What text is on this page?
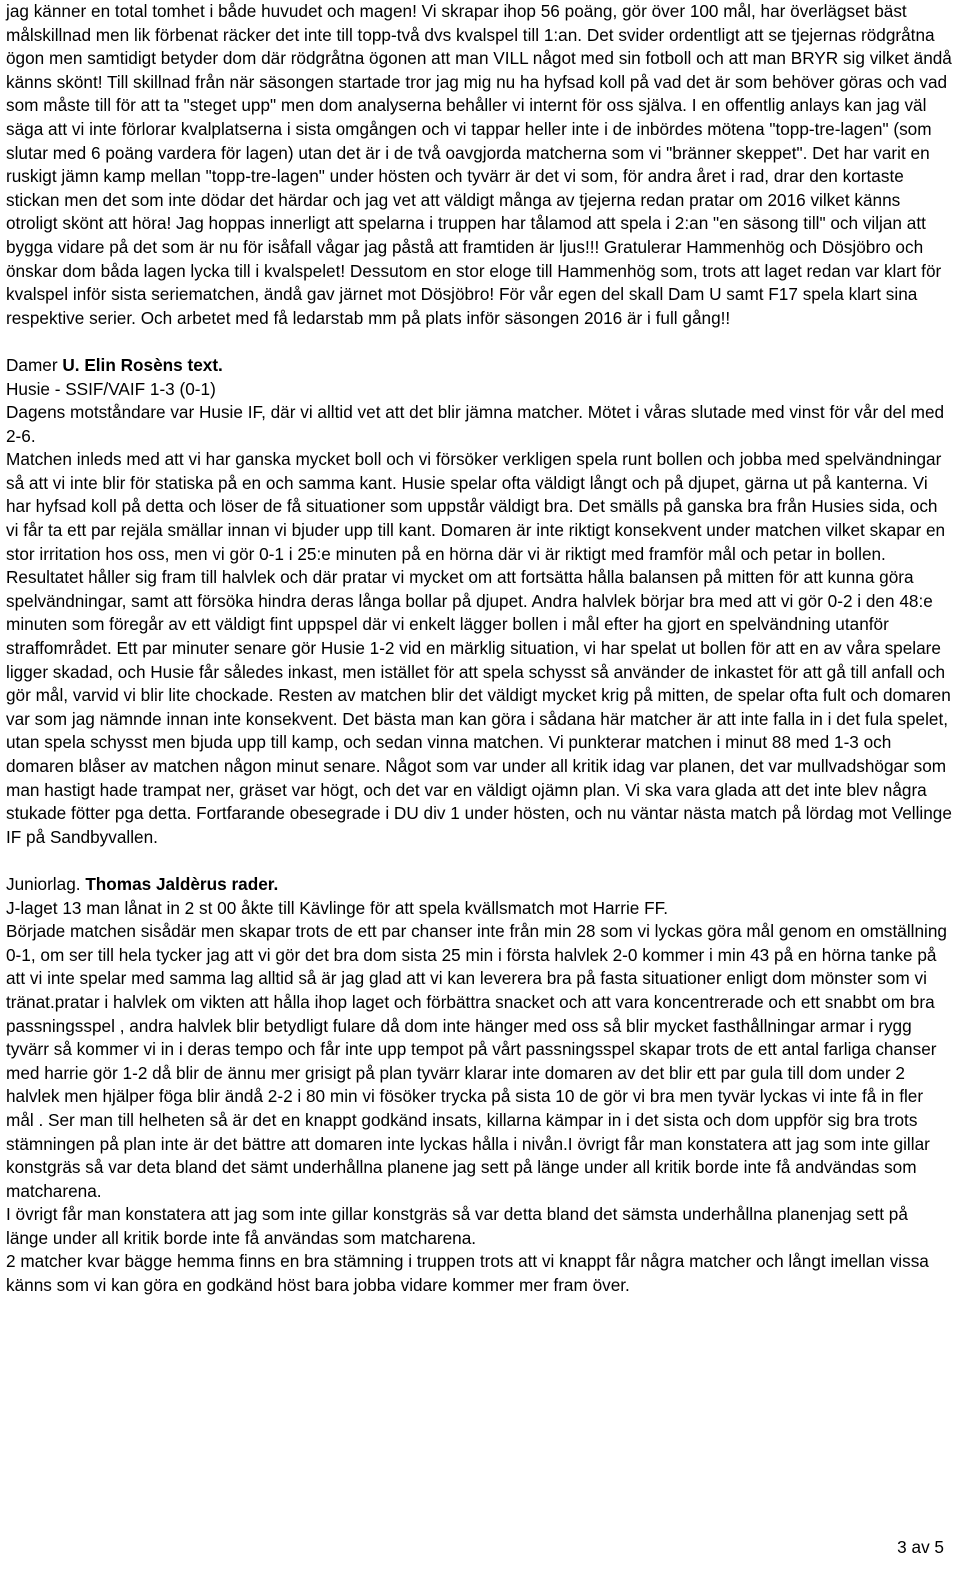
jag känner en total tomhet i både huvudet och magen! Vi skrapar ihop 56 poäng, gör över 100 mål, har överlägset bäst målskillnad men lik förbenat räcker det inte till topp-två dvs kvalspel till 1:an. Det svider ordentligt att se tjejernas rödgråtna ögon men samtidigt betyder dom där rödgråtna ögonen att man VILL något med sin fotboll och att man BRYR sig vilket ändå känns skönt! Till skillnad från när säsongen startade tror jag mig nu ha hyfsad koll på vad det är som behöver göras och vad som måste till för att ta "steget upp" men dom analyserna behåller vi internt för oss själva. I en offentlig anlays kan jag väl säga att vi inte förlorar kvalplatserna i sista omgången och vi tappar heller inte i de inbördes mötena "topp-tre-lagen" (som slutar med 6 poäng vardera för lagen) utan det är i de två oavgjorda matcherna som vi "bränner skeppet". Det har varit en ruskigt jämn kamp mellan "topp-tre-lagen" under hösten och tyvärr är det vi som, för andra året i rad, drar den kortaste stickan men det som inte dödar det härdar och jag vet att väldigt många av tjejerna redan pratar om 2016 vilket känns otroligt skönt att höra! Jag hoppas innerligt att spelarna i truppen har tålamod att spela i 2:an "en säsong till" och viljan att bygga vidare på det som är nu för isåfall vågar jag påstå att framtiden är ljus!!! Gratulerar Hammenhög och Dösjöbro och önskar dom båda lagen lycka till i kvalspelet! Dessutom en stor eloge till Hammenhög som, trots att laget redan var klart för kvalspel inför sista seriematchen, ändå gav järnet mot Dösjöbro! För vår egen del skall Dam U samt F17 spela klart sina respektive serier. Och arbetet med få ledarstab mm på plats inför säsongen 2016 är i full gång!!

Damer U. Elin Rosèns text.

Husie - SSIF/VAIF 1-3 (0-1)

Dagens motståndare var Husie IF, där vi alltid vet att det blir jämna matcher. Mötet i våras slutade med vinst för vår del med 2-6.

Matchen inleds med att vi har ganska mycket boll och vi försöker verkligen spela runt bollen och jobba med spelvändningar så att vi inte blir för statiska på en och samma kant. Husie spelar ofta väldigt långt och på djupet, gärna ut på kanterna. Vi har hyfsad koll på detta och löser de få situationer som uppstår väldigt bra. Det smälls på ganska bra från Husies sida, och vi får ta ett par rejäla smällar innan vi bjuder upp till kant. Domaren är inte riktigt konsekvent under matchen vilket skapar en stor irritation hos oss, men vi gör 0-1 i 25:e minuten på en hörna där vi är riktigt med framför mål och petar in bollen. Resultatet håller sig fram till halvlek och där pratar vi mycket om att fortsätta hålla balansen på mitten för att kunna göra spelvändningar, samt att försöka hindra deras långa bollar på djupet. Andra halvlek börjar bra med att vi gör 0-2 i den 48:e minuten som föregår av ett väldigt fint uppspel där vi enkelt lägger bollen i mål efter ha gjort en spelvändning utanför straffområdet. Ett par minuter senare gör Husie 1-2 vid en märklig situation, vi har spelat ut bollen för att en av våra spelare ligger skadad, och Husie får således inkast, men istället för att spela schysst så använder de inkastet för att gå till anfall och gör mål, varvid vi blir lite chockade. Resten av matchen blir det väldigt mycket krig på mitten, de spelar ofta fult och domaren var som jag nämnde innan inte konsekvent. Det bästa man kan göra i sådana här matcher är att inte falla in i det fula spelet, utan spela schysst men bjuda upp till kamp, och sedan vinna matchen. Vi punkterar matchen i minut 88 med 1-3 och domaren blåser av matchen någon minut senare. Något som var under all kritik idag var planen, det var mullvadshögar som man hastigt hade trampat ner, gräset var högt, och det var en väldigt ojämn plan. Vi ska vara glada att det inte blev några stukade fötter pga detta. Fortfarande obesegrade i DU div 1 under hösten, och nu väntar nästa match på lördag mot Vellinge IF på Sandbyvallen.

Juniorlag. Thomas Jaldèrus rader.

J-laget 13 man lånat in 2 st 00 åkte till Kävlinge för att spela kvällsmatch mot Harrie FF.

Började matchen sisådär men skapar trots de ett par chanser inte från min 28 som vi lyckas göra mål genom en omställning 0-1, om ser till hela tycker jag att vi gör det bra dom sista 25 min i första halvlek 2-0 kommer i min 43 på en hörna tanke på att vi inte spelar med samma lag alltid så är jag glad att vi kan leverera bra på fasta situationer enligt dom mönster som vi tränat.pratar i halvlek om vikten att hålla ihop laget och förbättra snacket och att vara koncentrerade och ett snabbt om bra passningsspel , andra halvlek blir betydligt fulare då dom inte hänger med oss så blir mycket fasthållningar armar i rygg tyvärr så kommer vi in i deras tempo och får inte upp tempot på vårt passningsspel skapar trots de ett antal farliga chanser med harrie gör 1-2 då blir de ännu mer grisigt på plan tyvärr klarar inte domaren av det blir ett par gula till dom under 2 halvlek men hjälper föga blir ändå 2-2 i 80 min vi fösöker trycka på sista 10 de gör vi bra men tyvär lyckas vi inte få in fler mål . Ser man till helheten så är det en knappt godkänd insats, killarna kämpar in i det sista och dom uppför sig bra trots stämningen på plan inte är det bättre att domaren inte lyckas hålla i nivån.I övrigt får man konstatera att jag som inte gillar konstgräs så var deta bland det sämt underhållna planene jag sett på länge under all kritik borde inte få andvändas som matcharena.

I övrigt får man konstatera att jag som inte gillar konstgräs så var detta bland det sämsta underhållna planenjag sett på länge under all kritik borde inte få användas som matcharena.

2 matcher kvar bägge hemma finns en bra stämning i truppen trots att vi knappt får några matcher och långt imellan vissa känns som vi kan göra en godkänd höst bara jobba vidare kommer mer fram över.

3 av 5
